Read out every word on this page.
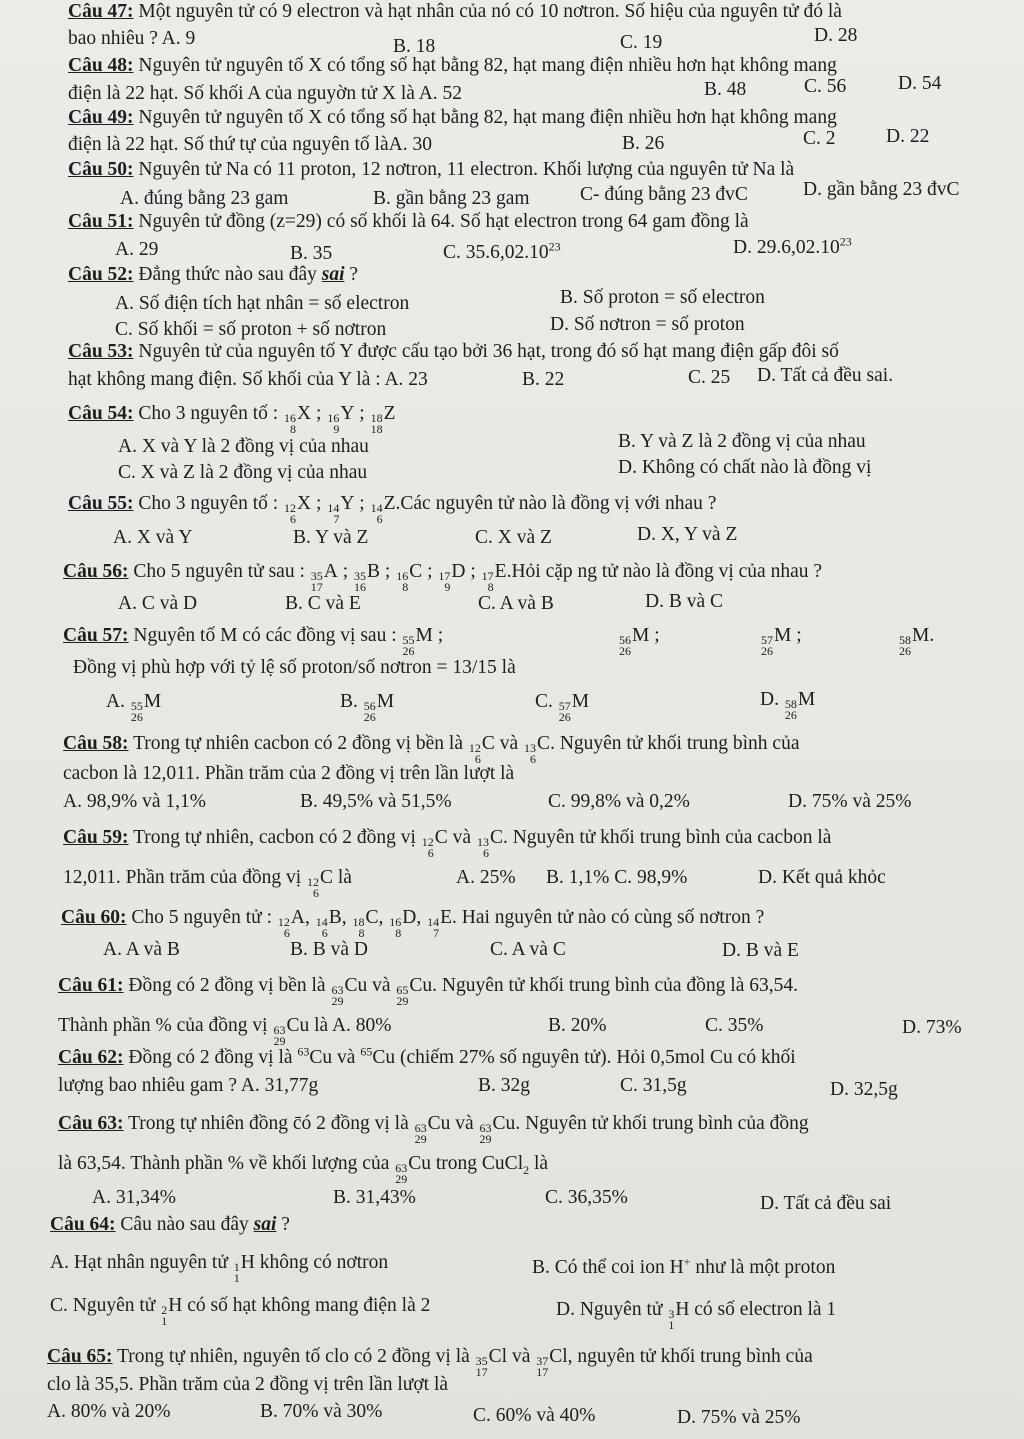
Câu 47: Một nguyên tử có 9 electron và hạt nhân của nó có 10 nơtron. Số hiệu của nguyên tử đó là
bao nhiêu ? A. 9	B. 18	C. 19	D. 28
Câu 48: Nguyên tử nguyên tố X có tổng số hạt bằng 82, hạt mang điện nhiều hơn hạt không mang
điện là 22 hạt. Số khối A của nguyờn tử X là A. 52	B. 48	C. 56	D. 54
Câu 49: Nguyên tử nguyên tố X có tổng số hạt bằng 82, hạt mang điện nhiều hơn hạt không mang
điện là 22 hạt. Số thứ tự của nguyên tố làA. 30	B. 26	C. 2	D. 22
Câu 50: Nguyên tử Na có 11 proton, 12 nơtron, 11 electron. Khối lượng của nguyên tử Na là
A. đúng bằng 23 gam	B. gần bằng 23 gam	C- đúng bằng 23 đvC	D. gần bằng 23 đvC
Câu 51: Nguyên tử đồng (z=29) có số khối là 64. Số hạt electron trong 64 gam đồng là
A. 29	B. 35	C. 35.6,02.10$^{23}$	D. 29.6,02.10$^{23}$
Câu 52: Đẳng thức nào sau đây sai ?
A. Số điện tích hạt nhân = số electron	B. Số proton = số electron
C. Số khối = số proton + số nơtron	D. Số nơtron = số proton
Câu 53: Nguyên tử của nguyên tố Y được cấu tạo bởi 36 hạt, trong đó số hạt mang điện gấp đôi số
hạt không mang điện. Số khối của Y là : A. 23	B. 22	C. 25 D. Tất cả đều sai.
Câu 54: Cho 3 nguyên tố : 16
8
X ; 16
9
Y ; 18
18
Z
A. X và Y là 2 đồng vị của nhau	B. Y và Z là 2 đồng vị của nhau
C. X và Z là 2 đồng vị của nhau	D. Không có chất nào là đồng vị
Câu 55: Cho 3 nguyên tố : 12
6
X ; 14
7
Y ; 14
6
Z.Các nguyên tử nào là đồng vị với nhau ?
A. X và Y	B. Y và Z	C. X và Z	D. X, Y và Z
Câu 56: Cho 5 nguyên tử sau : 35
17
A ; 35
16
B ; 16
8
C ; 17
9
D ; 17
8
E.Hỏi cặp ng tử nào là đồng vị của nhau ?
A. C và D	B. C và E	C. A và B	D. B và C
Câu 57: Nguyên tố M có các đồng vị sau : 55
26
M ;	56
26
M ;	57
26
M ;	58
26
M.
Đồng vị phù hợp với tỷ lệ số proton/số nơtron = 13/15 là
A. 55
26
M	B. 56
26
M	C. 57
26
M	D. 58
26
M
Câu 58: Trong tự nhiên cacbon có 2 đồng vị bền là 12
6
C và 13
6
C. Nguyên tử khối trung bình của
cacbon là 12,011. Phần trăm của 2 đồng vị trên lần lượt là
A. 98,9% và 1,1%	B. 49,5% và 51,5%	C. 99,8% và 0,2%	D. 75% và 25%
Câu 59: Trong tự nhiên, cacbon có 2 đồng vị 12
6
C và 13
6
C. Nguyên tử khối trung bình của cacbon là
12,011. Phần trăm của đồng vị 12
6
C là	A. 25% B. 1,1% C. 98,9%	D. Kết quả khỏc
Câu 60: Cho 5 nguyên tử : 12
6
A, 14
6
B, 18
8
C, 16
8
D, 14
7
E. Hai nguyên tử nào có cùng số nơtron ?
A. A và B	B. B và D	C. A và C	D. B và E
Câu 61: Đồng có 2 đồng vị bền là 63
29
Cu và 65
29
Cu. Nguyên tử khối trung bình của đồng là 63,54.
Thành phần % của đồng vị 63
29
Cu là A. 80%	B. 20%	C. 35%	D. 73%
Câu 62: Đồng có 2 đồng vị là $^{63}$Cu và $^{65}$Cu (chiếm 27% số nguyên tử). Hỏi 0,5mol Cu có khối
lượng bao nhiêu gam ? A. 31,77g	B. 32g	C. 31,5g	D. 32,5g
Câu 63: Trong tự nhiên đồng c̄ó 2 đồng vị là 63
29
Cu và 63
29
Cu. Nguyên tử khối trung bình của đồng
là 63,54. Thành phần % về khối lượng của 63
29
Cu trong CuCl$_2$ là
A. 31,34%	B. 31,43%	C. 36,35%	D. Tất cả đều sai
Câu 64: Câu nào sau đây sai ?
A. Hạt nhân nguyên tử 1
1
H không có nơtron	B. Có thể coi ion H+ như là một proton
C. Nguyên tử 2
1
H có số hạt không mang điện là 2	D. Nguyên tử 3
1
H có số electron là 1
Câu 65: Trong tự nhiên, nguyên tố clo có 2 đồng vị là 35
17
Cl và 37
17
Cl, nguyên tử khối trung bình của
clo là 35,5. Phần trăm của 2 đồng vị trên lần lượt là
A. 80% và 20%	B. 70% và 30%	C. 60% và 40%	D. 75% và 25%
